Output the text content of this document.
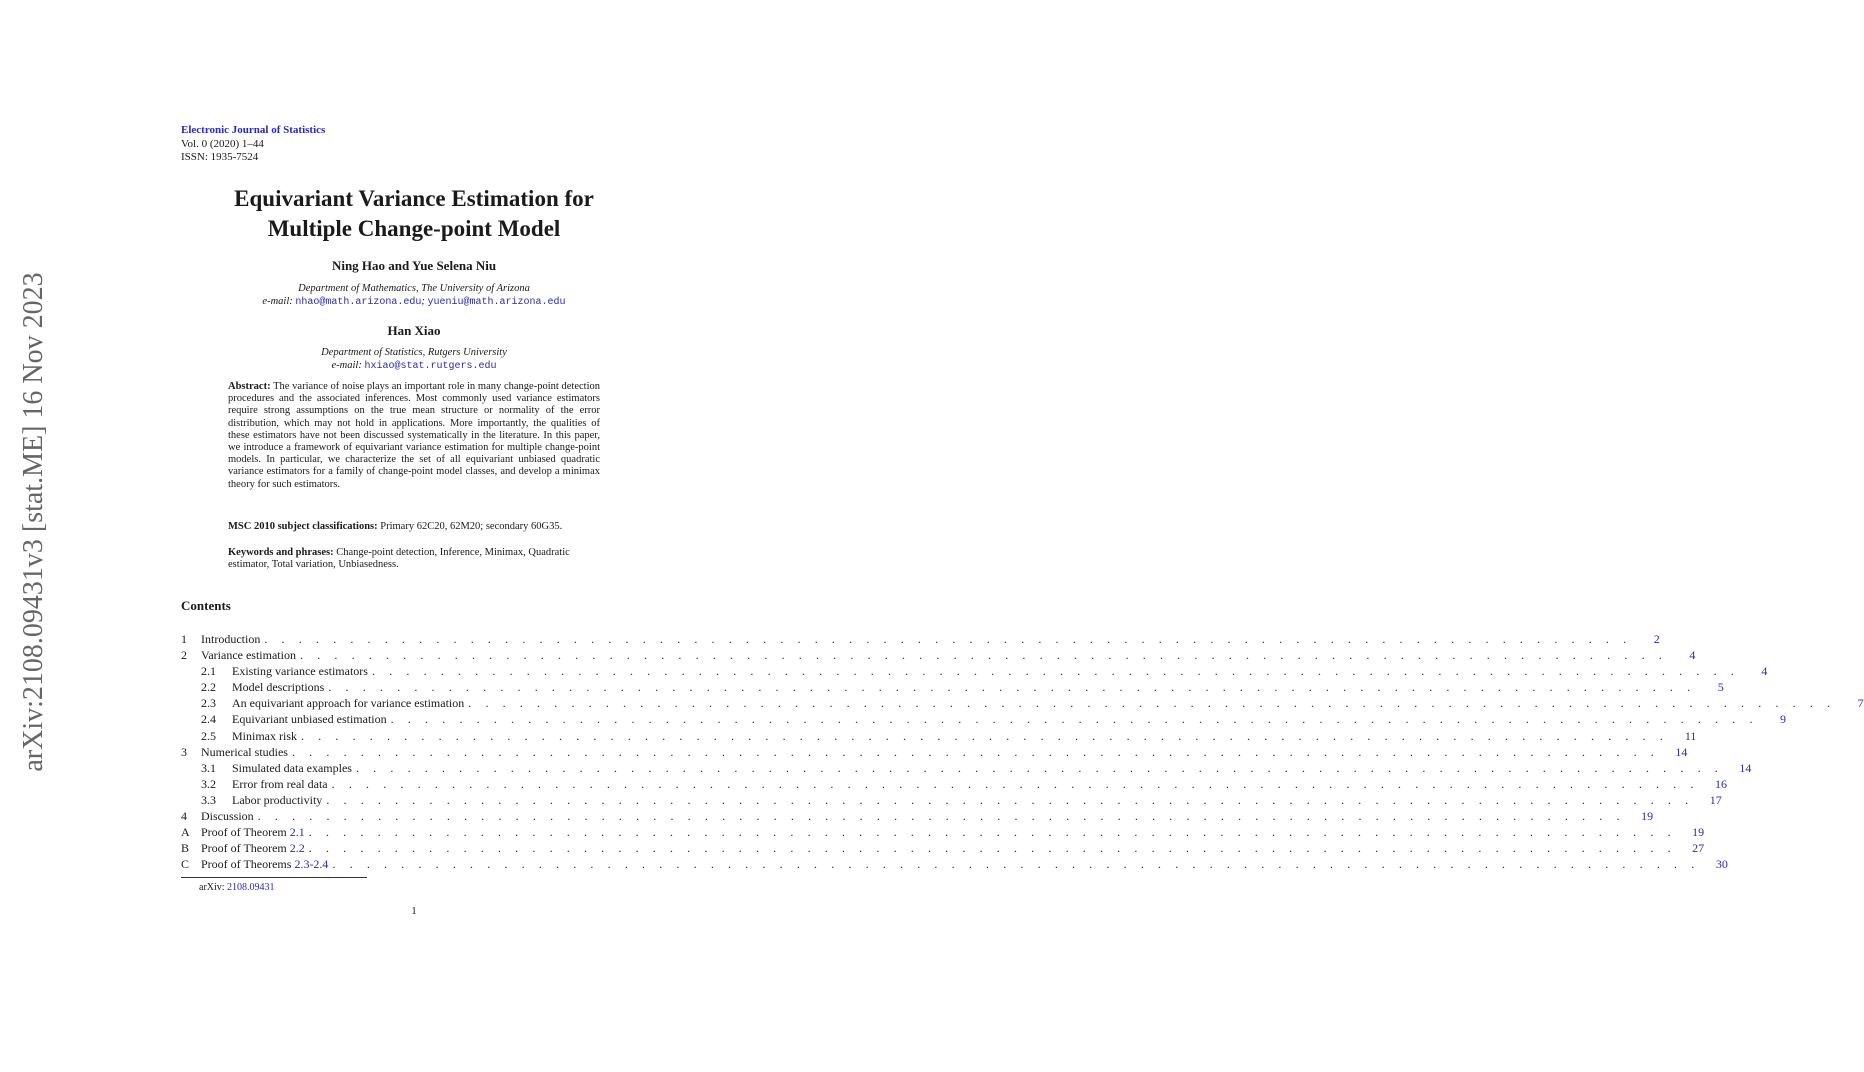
arXiv:2108.09431v3 [stat.ME] 16 Nov 2023
Electronic Journal of Statistics
Vol. 0 (2020) 1–44
ISSN: 1935-7524
Equivariant Variance Estimation for
Multiple Change-point Model
Ning Hao and Yue Selena Niu
Department of Mathematics, The University of Arizona
e-mail: nhao@math.arizona.edu; yueniu@math.arizona.edu
Han Xiao
Department of Statistics, Rutgers University
e-mail: hxiao@stat.rutgers.edu
Abstract: The variance of noise plays an important role in many change-point detection procedures and the associated inferences. Most commonly used variance estimators require strong assumptions on the true mean structure or normality of the error distribution, which may not hold in applications. More importantly, the qualities of these estimators have not been discussed systematically in the literature. In this paper, we introduce a framework of equivariant variance estimation for multiple change-point models. In particular, we characterize the set of all equivariant unbiased quadratic variance estimators for a family of change-point model classes, and develop a minimax theory for such estimators.
MSC 2010 subject classifications: Primary 62C20, 62M20; secondary 60G35.
Keywords and phrases: Change-point detection, Inference, Minimax, Quadratic estimator, Total variation, Unbiasedness.
Contents
1 Introduction . . . . . . . . . . . . . . . . . . . . . . . . . . . . . . . . . . . . . . . . . . . . . . . . . . . . . . . . . . . . . . . . . . . . . . . . . . . . . . . .	2
2 Variance estimation . . . . . . . . . . . . . . . . . . . . . . . . . . . . . . . . . . . . . . . . . . . . . . . . . . . . . . . . . . . . . . . . . . . . . . . . . . . . . . . .	4
2.1 Existing variance estimators . . . . . . . . . . . . . . . . . . . . . . . . . . . . . . . . . . . . . . . . . . . . . . . . . . . . . . . . . . . . . . . . . . . . . . . . . . . . . . . .	4
2.2 Model descriptions . . . . . . . . . . . . . . . . . . . . . . . . . . . . . . . . . . . . . . . . . . . . . . . . . . . . . . . . . . . . . . . . . . . . . . . . . . . . . . . .	5
2.3 An equivariant approach for variance estimation . . . . . . . . . . . . . . . . . . . . . . . . . . . . . . . . . . . . . . . . . . . . . . . . . . . . . . . . . . . . . . . . . . . . . . . . . . . . . . . .	7
2.4 Equivariant unbiased estimation . . . . . . . . . . . . . . . . . . . . . . . . . . . . . . . . . . . . . . . . . . . . . . . . . . . . . . . . . . . . . . . . . . . . . . . . . . . . . . . .	9
2.5 Minimax risk . . . . . . . . . . . . . . . . . . . . . . . . . . . . . . . . . . . . . . . . . . . . . . . . . . . . . . . . . . . . . . . . . . . . . . . . . . . . . . . .	11
3 Numerical studies . . . . . . . . . . . . . . . . . . . . . . . . . . . . . . . . . . . . . . . . . . . . . . . . . . . . . . . . . . . . . . . . . . . . . . . . . . . . . . . .	14
3.1 Simulated data examples . . . . . . . . . . . . . . . . . . . . . . . . . . . . . . . . . . . . . . . . . . . . . . . . . . . . . . . . . . . . . . . . . . . . . . . . . . . . . . . .	14
3.2 Error from real data . . . . . . . . . . . . . . . . . . . . . . . . . . . . . . . . . . . . . . . . . . . . . . . . . . . . . . . . . . . . . . . . . . . . . . . . . . . . . . . .	16
3.3 Labor productivity . . . . . . . . . . . . . . . . . . . . . . . . . . . . . . . . . . . . . . . . . . . . . . . . . . . . . . . . . . . . . . . . . . . . . . . . . . . . . . . .	17
4 Discussion . . . . . . . . . . . . . . . . . . . . . . . . . . . . . . . . . . . . . . . . . . . . . . . . . . . . . . . . . . . . . . . . . . . . . . . . . . . . . . . .	19
A Proof of Theorem 2.1 . . . . . . . . . . . . . . . . . . . . . . . . . . . . . . . . . . . . . . . . . . . . . . . . . . . . . . . . . . . . . . . . . . . . . . . . . . . . . . . .	19
B Proof of Theorem 2.2 . . . . . . . . . . . . . . . . . . . . . . . . . . . . . . . . . . . . . . . . . . . . . . . . . . . . . . . . . . . . . . . . . . . . . . . . . . . . . . . .	27
C Proof of Theorems 2.3-2.4 . . . . . . . . . . . . . . . . . . . . . . . . . . . . . . . . . . . . . . . . . . . . . . . . . . . . . . . . . . . . . . . . . . . . . . . . . . . . . . . .	30
arXiv: 2108.09431
1
